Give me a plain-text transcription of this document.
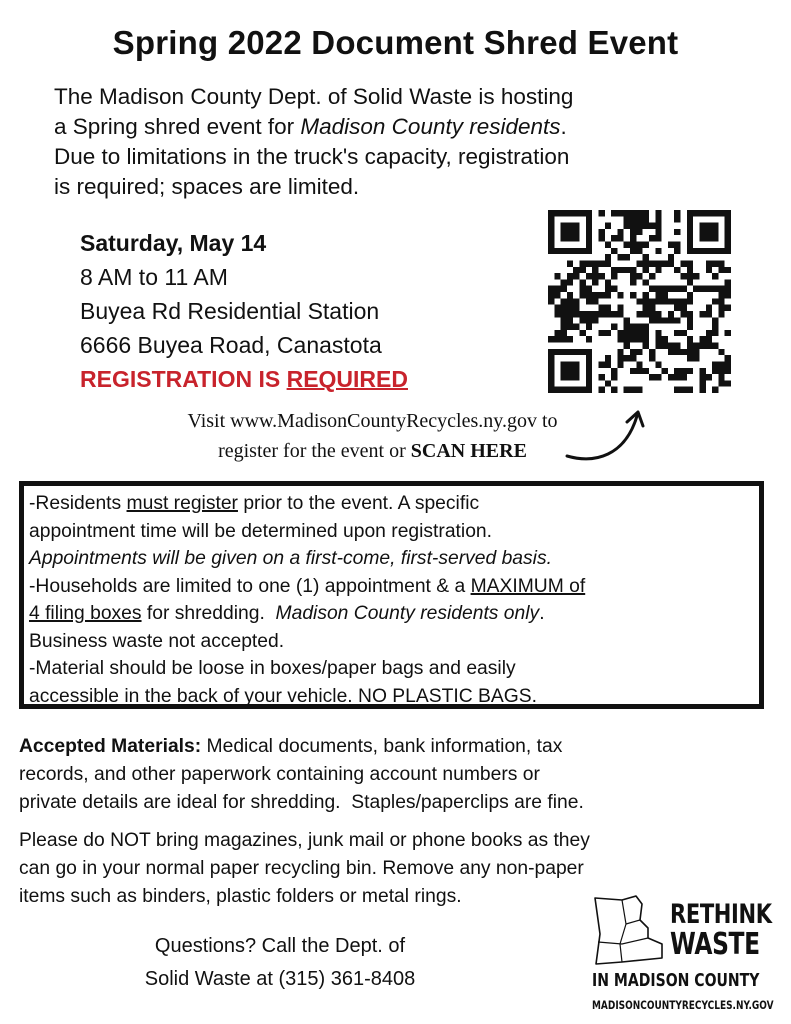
Spring 2022 Document Shred Event
The Madison County Dept. of Solid Waste is hosting
a Spring shred event for Madison County residents.
Due to limitations in the truck's capacity, registration
is required; spaces are limited.
Saturday, May 14
8 AM to 11 AM
Buyea Rd Residential Station
6666 Buyea Road, Canastota
REGISTRATION IS REQUIRED
Visit www.MadisonCountyRecycles.ny.gov to
register for the event or SCAN HERE

-Residents must register prior to the event. A specific

appointment time will be determined upon registration.

Appointments will be given on a first-come, first-served basis.

-Households are limited to one (1) appointment & a MAXIMUM of

4 filing boxes for shredding.  Madison County residents only.

Business waste not accepted.

-Material should be loose in boxes/paper bags and easily

accessible in the back of your vehicle. NO PLASTIC BAGS.

Accepted Materials: Medical documents, bank information, tax
records, and other paperwork containing account numbers or
private details are ideal for shredding.  Staples/paperclips are fine.
Please do NOT bring magazines, junk mail or phone books as they
can go in your normal paper recycling bin. Remove any non-paper
items such as binders, plastic folders or metal rings.
Questions? Call the Dept. of
Solid Waste at (315) 361-8408
RETHINK
WASTE
IN MADISON COUNTY
MADISONCOUNTYRECYCLES.NY.GOV
